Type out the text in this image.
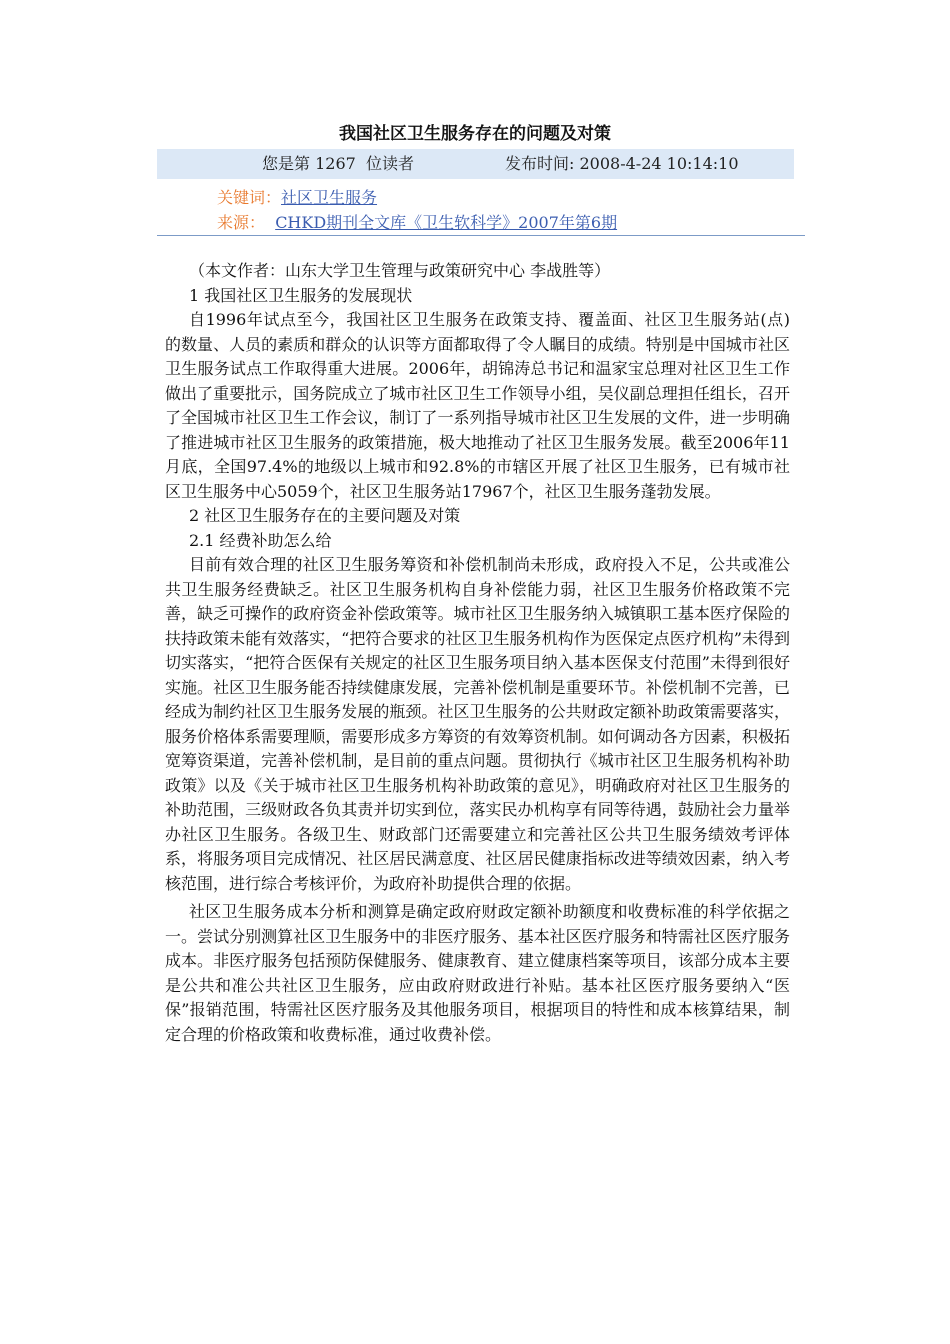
我国社区卫生服务存在的问题及对策
您是第 1267  位读者	发布时间: 2008-4-24 10:14:10
关键词：社区卫生服务
来源： CHKD期刊全文库《卫生软科学》2007年第6期

（本文作者：山东大学卫生管理与政策研究中心 李战胜等）

1 我国社区卫生服务的发展现状

自1996年试点至今，我国社区卫生服务在政策支持、覆盖面、社区卫生服务站(点) 的数量、人员的素质和群众的认识等方面都取得了令人瞩目的成绩。特别是中国城市社区卫生服务试点工作取得重大进展。2006年，胡锦涛总书记和温家宝总理对社区卫生工作做出了重要批示，国务院成立了城市社区卫生工作领导小组，吴仪副总理担任组长，召开了全国城市社区卫生工作会议，制订了一系列指导城市社区卫生发展的文件，进一步明确了推进城市社区卫生服务的政策措施，极大地推动了社区卫生服务发展。截至2006年11月底，全国97.4%的地级以上城市和92.8%的市辖区开展了社区卫生服务，已有城市社区卫生服务中心5059个，社区卫生服务站17967个，社区卫生服务蓬勃发展。

2 社区卫生服务存在的主要问题及对策

2.1 经费补助怎么给

目前有效合理的社区卫生服务筹资和补偿机制尚未形成，政府投入不足，公共或准公共卫生服务经费缺乏。社区卫生服务机构自身补偿能力弱，社区卫生服务价格政策不完善，缺乏可操作的政府资金补偿政策等。城市社区卫生服务纳入城镇职工基本医疗保险的扶持政策未能有效落实，“把符合要求的社区卫生服务机构作为医保定点医疗机构”未得到切实落实，“把符合医保有关规定的社区卫生服务项目纳入基本医保支付范围”未得到很好实施。社区卫生服务能否持续健康发展，完善补偿机制是重要环节。补偿机制不完善，已经成为制约社区卫生服务发展的瓶颈。社区卫生服务的公共财政定额补助政策需要落实，服务价格体系需要理顺，需要形成多方筹资的有效筹资机制。如何调动各方因素，积极拓宽筹资渠道，完善补偿机制，是目前的重点问题。贯彻执行《城市社区卫生服务机构补助政策》以及《关于城市社区卫生服务机构补助政策的意见》，明确政府对社区卫生服务的补助范围，三级财政各负其责并切实到位，落实民办机构享有同等待遇，鼓励社会力量举办社区卫生服务。各级卫生、财政部门还需要建立和完善社区公共卫生服务绩效考评体系，将服务项目完成情况、社区居民满意度、社区居民健康指标改进等绩效因素，纳入考核范围，进行综合考核评价，为政府补助提供合理的依据。

社区卫生服务成本分析和测算是确定政府财政定额补助额度和收费标准的科学依据之一。尝试分别测算社区卫生服务中的非医疗服务、基本社区医疗服务和特需社区医疗服务成本。非医疗服务包括预防保健服务、健康教育、建立健康档案等项目，该部分成本主要是公共和准公共社区卫生服务，应由政府财政进行补贴。基本社区医疗服务要纳入“医保”报销范围，特需社区医疗服务及其他服务项目，根据项目的特性和成本核算结果，制定合理的价格政策和收费标准，通过收费补偿。
